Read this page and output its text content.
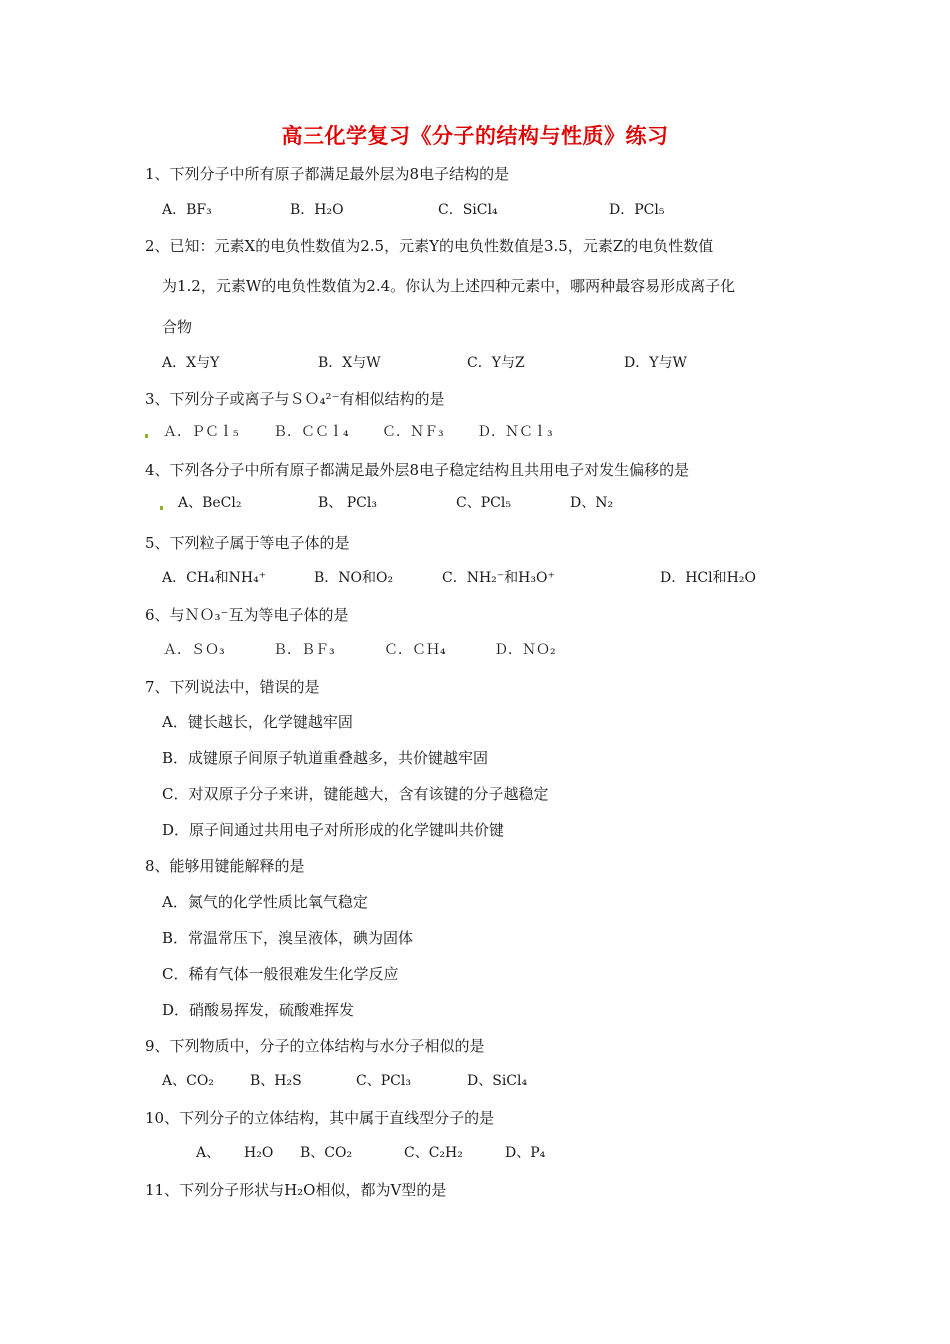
高三化学复习《分子的结构与性质》练习
1、下列分子中所有原子都满足最外层为8电子结构的是
A．BF₃	B．H₂O	C．SiCl₄	D．PCl₅
2、已知：元素X的电负性数值为2.5，元素Y的电负性数值是3.5，元素Z的电负性数值
为1.2，元素W的电负性数值为2.4。你认为上述四种元素中，哪两种最容易形成离子化
合物
A．X与Y	B．X与W	C．Y与Z	D．Y与W
3、下列分子或离子与ＳＯ₄²⁻有相似结构的是
Ａ．ＰＣｌ₅ Ｂ．ＣＣｌ₄ Ｃ．ＮＦ₃ Ｄ．ＮＣｌ₃
4、下列各分子中所有原子都满足最外层8电子稳定结构且共用电子对发生偏移的是
A、BeCl₂	B、 PCl₃	C、PCl₅	D、N₂
5、下列粒子属于等电子体的是
A．CH₄和NH₄⁺	B．NO和O₂	C．NH₂⁻和H₃O⁺	D．HCl和H₂O
6、与ＮＯ₃⁻互为等电子体的是
Ａ．ＳＯ₃	Ｂ．ＢＦ₃	Ｃ．ＣＨ₄	Ｄ．ＮＯ₂
7、下列说法中，错误的是
A．键长越长，化学键越牢固
B．成键原子间原子轨道重叠越多，共价键越牢固
C．对双原子分子来讲，键能越大，含有该键的分子越稳定
D．原子间通过共用电子对所形成的化学键叫共价键
8、能够用键能解释的是
A．氮气的化学性质比氧气稳定
B．常温常压下，溴呈液体，碘为固体
C．稀有气体一般很难发生化学反应
D．硝酸易挥发，硫酸难挥发
9、下列物质中，分子的立体结构与水分子相似的是
A、CO₂	B、H₂S	C、PCl₃	D、SiCl₄
10、下列分子的立体结构，其中属于直线型分子的是
A、 H₂O B、CO₂	C、C₂H₂	D、P₄
11、下列分子形状与H₂O相似，都为V型的是
